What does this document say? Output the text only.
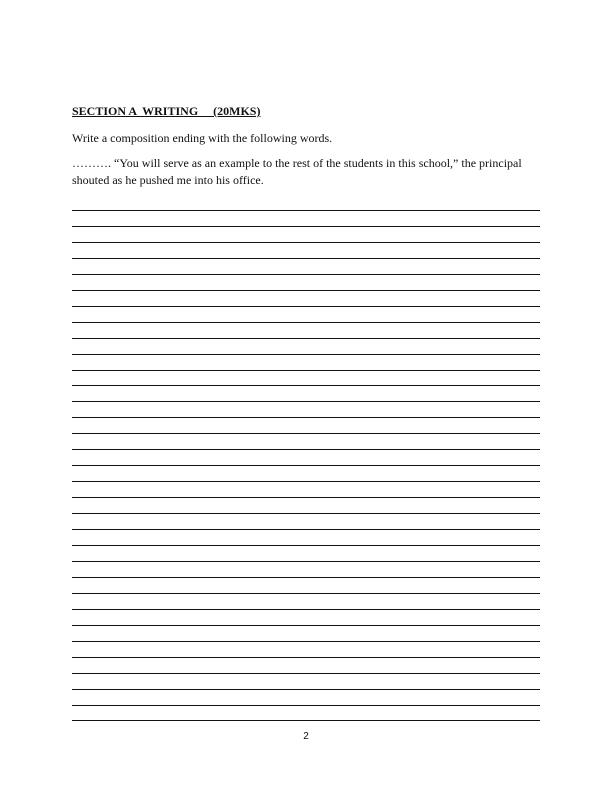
SECTION A  WRITING     (20MKS)

Write a composition ending with the following words.

………. “You will serve as an example to the rest of the students in this school,” the principal
shouted as he pushed me into his office.

2
